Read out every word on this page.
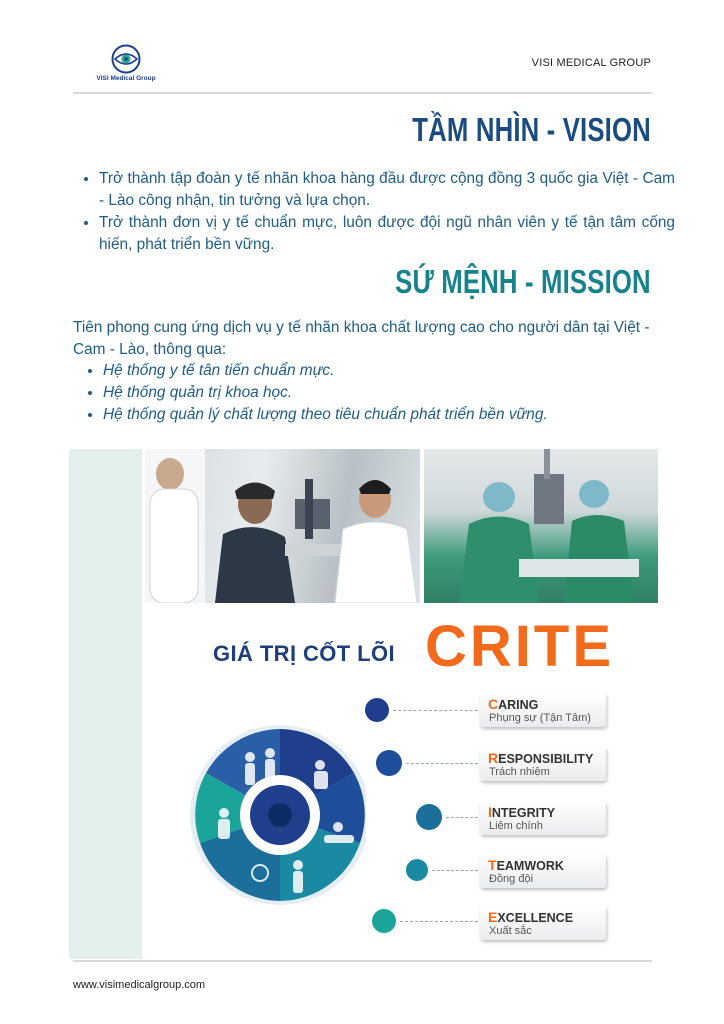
VISI Medical Group
VISI MEDICAL GROUP
TẦM NHÌN - VISION
• Trở thành tập đoàn y tế nhãn khoa hàng đầu được cộng đồng 3 quốc gia Việt - Cam - Lào công nhận, tin tưởng và lựa chọn.
• Trở thành đơn vị y tế chuẩn mực, luôn được đội ngũ nhân viên y tế tận tâm cống hiến, phát triển bền vững.
SỨ MỆNH - MISSION
Tiên phong cung ứng dịch vụ y tế nhãn khoa chất lượng cao cho người dân tại Việt - Cam - Lào, thông qua:
• Hệ thống y tế tân tiến chuẩn mực.
• Hệ thống quản trị khoa học.
• Hệ thống quản lý chất lượng theo tiêu chuẩn phát triển bền vững.
GIÁ TRỊ CỐT LÕI CRITE
CARING
Phụng sự (Tận Tâm)
RESPONSIBILITY
Trách nhiệm
INTEGRITY
Liêm chính
TEAMWORK
Đồng đội
EXCELLENCE
Xuất sắc
www.visimedicalgroup.com
